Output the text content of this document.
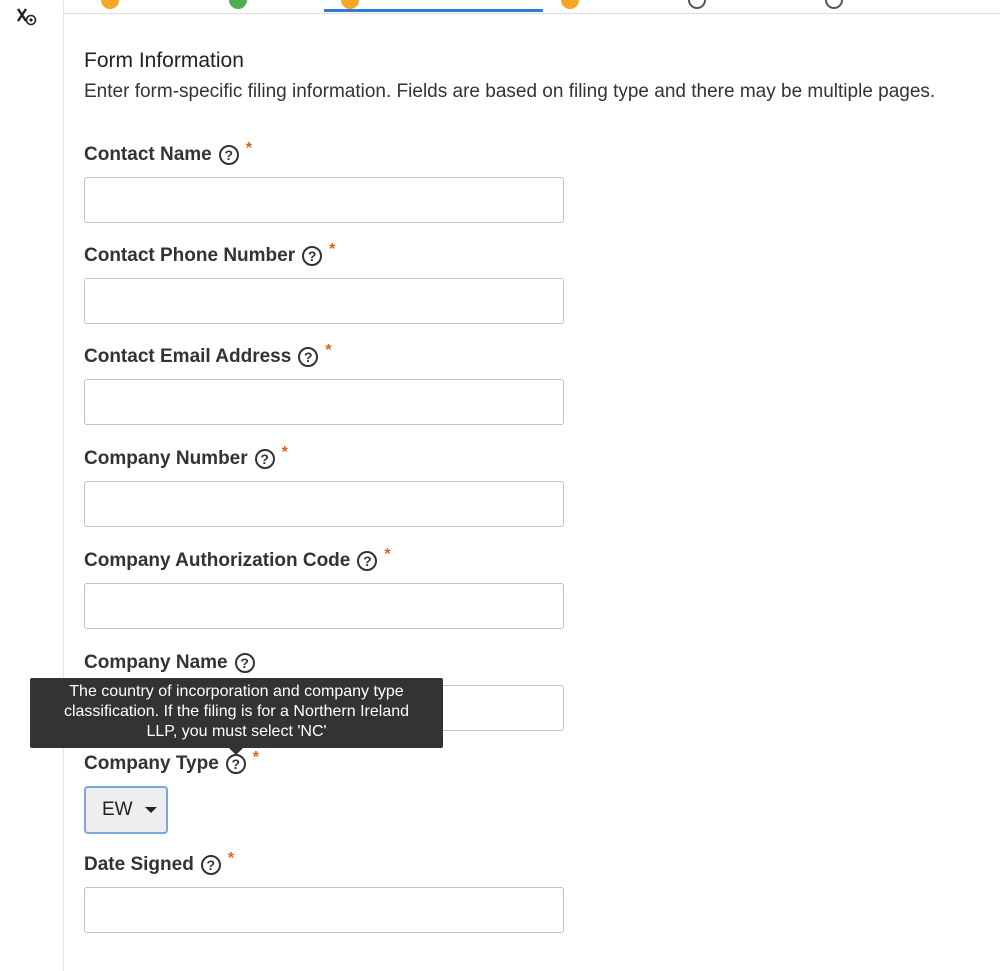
Form Information
Enter form-specific filing information. Fields are based on filing type and there may be multiple pages.
Contact Name ? *
Contact Phone Number ? *
Contact Email Address ? *
Company Number ? *
Company Authorization Code ? *
Company Name ?
Company Type ? *
EW
Date Signed ? *
The country of incorporation and company type
classification. If the filing is for a Northern Ireland
LLP, you must select 'NC'
